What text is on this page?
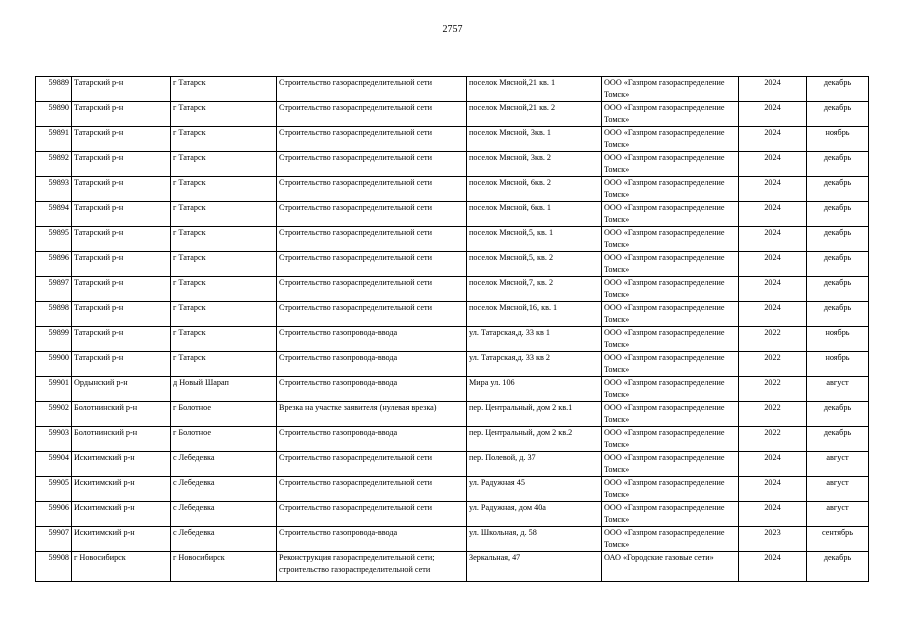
2757
59889	Татарский р-н	г Татарск	Строительство газораспределительной сети	поселок Мясной,21 кв. 1	ООО «Газпром газораспределение Томск»	2024	декабрь
59890	Татарский р-н	г Татарск	Строительство газораспределительной сети	поселок Мясной,21 кв. 2	ООО «Газпром газораспределение Томск»	2024	декабрь
59891	Татарский р-н	г Татарск	Строительство газораспределительной сети	поселок Мясной, 3кв. 1	ООО «Газпром газораспределение Томск»	2024	ноябрь
59892	Татарский р-н	г Татарск	Строительство газораспределительной сети	поселок Мясной, 3кв. 2	ООО «Газпром газораспределение Томск»	2024	декабрь
59893	Татарский р-н	г Татарск	Строительство газораспределительной сети	поселок Мясной, 6кв. 2	ООО «Газпром газораспределение Томск»	2024	декабрь
59894	Татарский р-н	г Татарск	Строительство газораспределительной сети	поселок Мясной, 6кв. 1	ООО «Газпром газораспределение Томск»	2024	декабрь
59895	Татарский р-н	г Татарск	Строительство газораспределительной сети	поселок Мясной,5, кв. 1	ООО «Газпром газораспределение Томск»	2024	декабрь
59896	Татарский р-н	г Татарск	Строительство газораспределительной сети	поселок Мясной,5, кв. 2	ООО «Газпром газораспределение Томск»	2024	декабрь
59897	Татарский р-н	г Татарск	Строительство газораспределительной сети	поселок Мясной,7, кв. 2	ООО «Газпром газораспределение Томск»	2024	декабрь
59898	Татарский р-н	г Татарск	Строительство газораспределительной сети	поселок Мясной,16, кв. 1	ООО «Газпром газораспределение Томск»	2024	декабрь
59899	Татарский р-н	г Татарск	Строительство газопровода-ввода	ул. Татарская,д. 33 кв 1	ООО «Газпром газораспределение Томск»	2022	ноябрь
59900	Татарский р-н	г Татарск	Строительство газопровода-ввода	ул. Татарская,д. 33 кв 2	ООО «Газпром газораспределение Томск»	2022	ноябрь
59901	Ордынский р-н	д Новый Шарап	Строительство газопровода-ввода	Мира ул. 106	ООО «Газпром газораспределение Томск»	2022	август
59902	Болотнинский р-н	г Болотное	Врезка на участке заявителя (нулевая врезка)	пер. Центральный, дом 2 кв.1	ООО «Газпром газораспределение Томск»	2022	декабрь
59903	Болотнинский р-н	г Болотное	Строительство газопровода-ввода	пер. Центральный, дом 2 кв.2	ООО «Газпром газораспределение Томск»	2022	декабрь
59904	Искитимский р-н	с Лебедевка	Строительство газораспределительной сети	пер. Полевой, д. 37	ООО «Газпром газораспределение Томск»	2024	август
59905	Искитимский р-н	с Лебедевка	Строительство газораспределительной сети	ул. Радужная 45	ООО «Газпром газораспределение Томск»	2024	август
59906	Искитимский р-н	с Лебедевка	Строительство газораспределительной сети	ул. Радужная, дом 40а	ООО «Газпром газораспределение Томск»	2024	август
59907	Искитимский р-н	с Лебедевка	Строительство газопровода-ввода	ул. Школьная, д. 58	ООО «Газпром газораспределение Томск»	2023	сентябрь
59908	г Новосибирск	г Новосибирск	Реконструкция газораспределительной сети; строительство газораспределительной сети	Зеркальная, 47	ОАО «Городские газовые сети»	2024	декабрь
